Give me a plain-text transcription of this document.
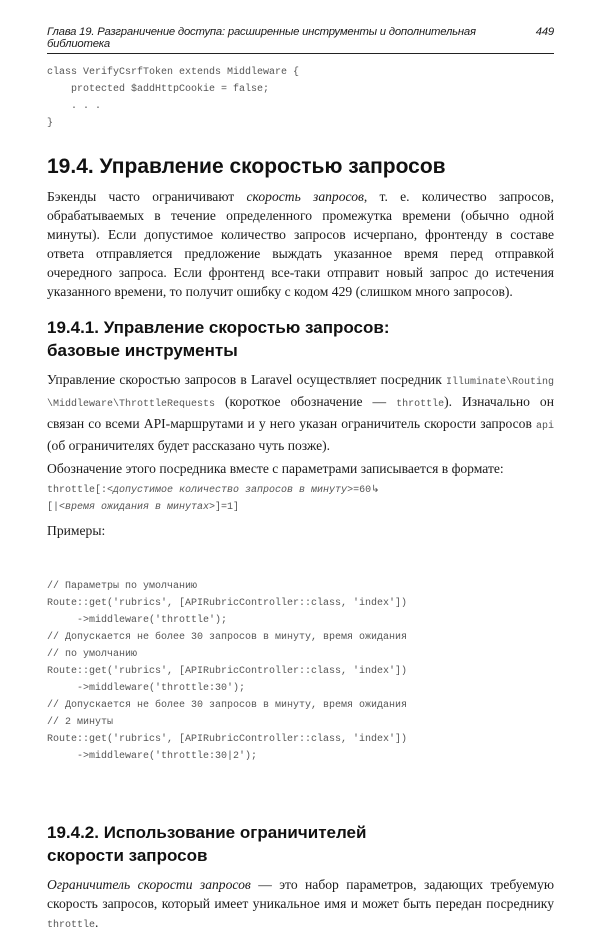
Глава 19. Разграничение доступа: расширенные инструменты и дополнительная библиотека
449
class VerifyCsrfToken extends Middleware {
protected $addHttpCookie = false;
. . .
}
19.4. Управление скоростью запросов

Бэкенды часто ограничивают скорость запросов, т. е. количество запросов, обрабатываемых в течение определенного промежутка времени (обычно одной минуты). Если допустимое количество запросов исчерпано, фронтенду в составе ответа отправляется предложение выждать указанное время перед отправкой очередного запроса. Если фронтенд все-таки отправит новый запрос до истечения указанного времени, то получит ошибку с кодом 429 (слишком много запросов).

19.4.1. Управление скоростью запросов:
базовые инструменты

Управление скоростью запросов в Laravel осуществляет посредник Illuminate\Routing\Middleware\ThrottleRequests (короткое обозначение — throttle). Изначально он связан со всеми API-маршрутами и у него указан ограничитель скорости запросов api (об ограничителях будет рассказано чуть позже).

Обозначение этого посредника вместе с параметрами записывается в формате:

throttle[:<допустимое количество запросов в минуту>=60↳
[|<время ожидания в минутах>]=1]

Примеры:

// Параметры по умолчанию
Route::get('rubrics', [APIRubricController::class, 'index'])
->middleware('throttle');
// Допускается не более 30 запросов в минуту, время ожидания
// по умолчанию
Route::get('rubrics', [APIRubricController::class, 'index'])
->middleware('throttle:30');
// Допускается не более 30 запросов в минуту, время ожидания
// 2 минуты
Route::get('rubrics', [APIRubricController::class, 'index'])
->middleware('throttle:30|2');

19.4.2. Использование ограничителей
скорости запросов

Ограничитель скорости запросов — это набор параметров, задающих требуемую скорость запросов, который имеет уникальное имя и может быть передан посреднику throttle.
